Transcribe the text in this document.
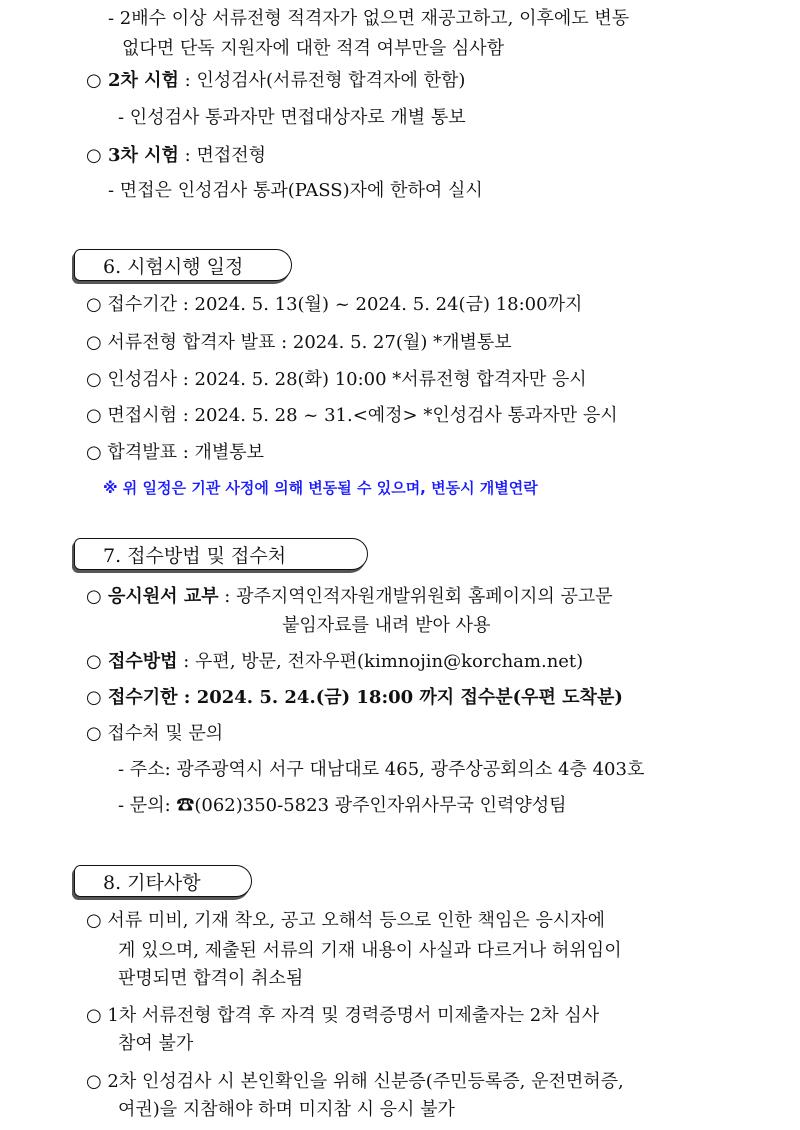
- 2배수 이상 서류전형 적격자가 없으면 재공고하고, 이후에도 변동
없다면 단독 지원자에 대한 적격 여부만을 심사함
○ 2차 시험 : 인성검사(서류전형 합격자에 한함)
- 인성검사 통과자만 면접대상자로 개별 통보
○ 3차 시험 : 면접전형
- 면접은 인성검사 통과(PASS)자에 한하여 실시
6. 시험시행 일정
○ 접수기간 : 2024. 5. 13(월) ~ 2024. 5. 24(금) 18:00까지
○ 서류전형 합격자 발표 : 2024. 5. 27(월) *개별통보
○ 인성검사 : 2024. 5. 28(화) 10:00 *서류전형 합격자만 응시
○ 면접시험 : 2024. 5. 28 ~ 31.<예정> *인성검사 통과자만 응시
○ 합격발표 : 개별통보
※ 위 일정은 기관 사정에 의해 변동될 수 있으며, 변동시 개별연락
7. 접수방법 및 접수처
○ 응시원서 교부 : 광주지역인적자원개발위원회 홈페이지의 공고문
붙임자료를 내려 받아 사용
○ 접수방법 : 우편, 방문, 전자우편(kimnojin@korcham.net)
○ 접수기한 : 2024. 5. 24.(금) 18:00 까지 접수분(우편 도착분)
○ 접수처 및 문의
- 주소: 광주광역시 서구 대남대로 465, 광주상공회의소 4층 403호
- 문의: ☎(062)350-5823 광주인자위사무국 인력양성팀
8. 기타사항
○ 서류 미비, 기재 착오, 공고 오해석 등으로 인한 책임은 응시자에
게 있으며, 제출된 서류의 기재 내용이 사실과 다르거나 허위임이
판명되면 합격이 취소됨
○ 1차 서류전형 합격 후 자격 및 경력증명서 미제출자는 2차 심사
참여 불가
○ 2차 인성검사 시 본인확인을 위해 신분증(주민등록증, 운전면허증,
여권)을 지참해야 하며 미지참 시 응시 불가
